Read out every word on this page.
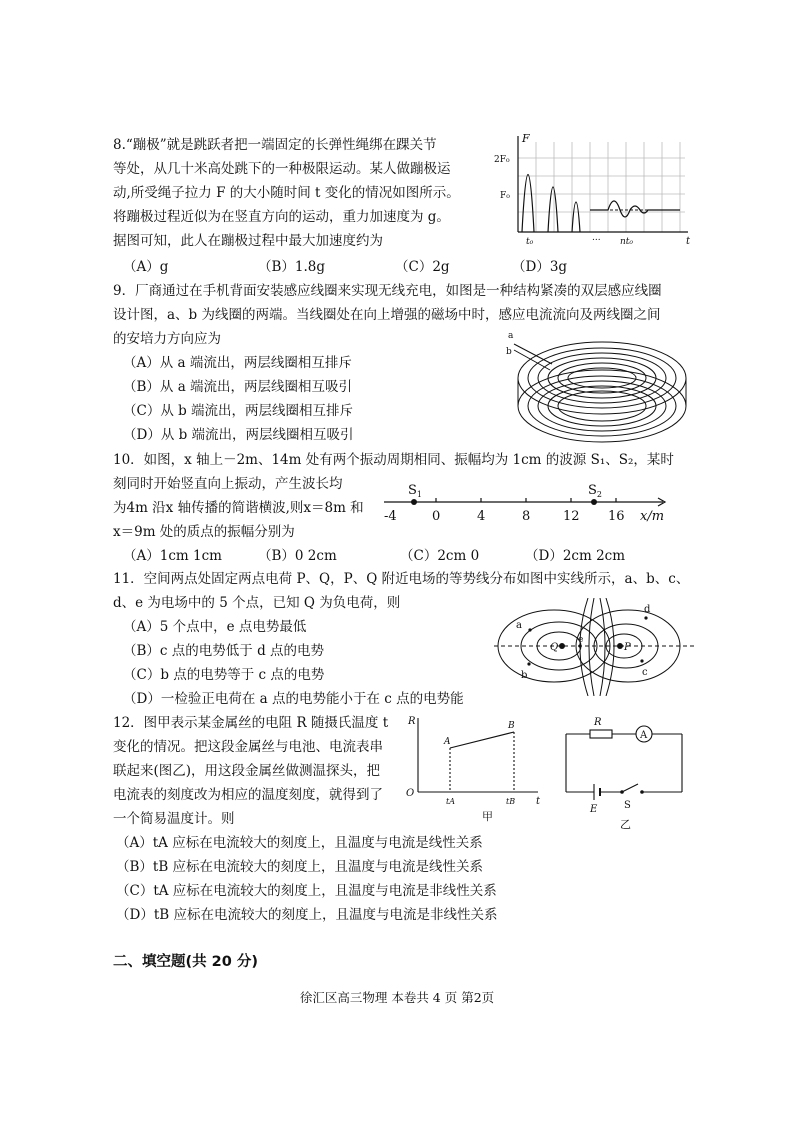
8.“蹦极”就是跳跃者把一端固定的长弹性绳绑在踝关节
等处，从几十米高处跳下的一种极限运动。某人做蹦极运
动,所受绳子拉力 F 的大小随时间 t 变化的情况如图所示。
将蹦极过程近似为在竖直方向的运动，重力加速度为 g。
据图可知，此人在蹦极过程中最大加速度约为
（A）g	（B）1.8g	（C）2g	（D）3g
F
t
2F₀
F₀
t₀	... nt₀
9．厂商通过在手机背面安装感应线圈来实现无线充电，如图是一种结构紧凑的双层感应线圈
设计图，a、b 为线圈的两端。当线圈处在向上增强的磁场中时，感应电流流向及两线圈之间
的安培力方向应为
（A）从 a 端流出，两层线圈相互排斥
（B）从 a 端流出，两层线圈相互吸引
（C）从 b 端流出，两层线圈相互排斥
（D）从 b 端流出，两层线圈相互吸引
a
b
10．如图，x 轴上－2m、14m 处有两个振动周期相同、振幅均为 1cm 的波源 S₁、S₂，某时
刻同时开始竖直向上振动，产生波长均
为4m 沿x 轴传播的简谐横波,则x＝8m 和
x＝9m 处的质点的振幅分别为
（A）1cm 1cm	（B）0 2cm	（C）2cm 0	（D）2cm 2cm
$S_1$	$S_2$
-4	0	4	8	12 16 x/m
11．空间两点处固定两点电荷 P、Q，P、Q 附近电场的等势线分布如图中实线所示，a、b、c、
d、e 为电场中的 5 个点，已知 Q 为负电荷，则
（A）5 个点中，e 点电势最低
（B）c 点的电势低于 d 点的电势
（C）b 点的电势等于 c 点的电势
（D）一检验正电荷在 a 点的电势能小于在 c 点的电势能
Q	P
a
b	c
d
e
12．图甲表示某金属丝的电阻 R 随摄氏温度 t
变化的情况。把这段金属丝与电池、电流表串
联起来(图乙)，用这段金属丝做测温探头，把
电流表的刻度改为相应的温度刻度，就得到了
一个简易温度计。则
（A）tA 应标在电流较大的刻度上，且温度与电流是线性关系
（B）tB 应标在电流较大的刻度上，且温度与电流是线性关系
（C）tA 应标在电流较大的刻度上，且温度与电流是非线性关系
（D）tB 应标在电流较大的刻度上，且温度与电流是非线性关系
R
O
t
A
B
tA	tB
甲
R
A
E	S
乙
二、填空题(共 20 分)
徐汇区高三物理 本卷共 4 页 第2页
